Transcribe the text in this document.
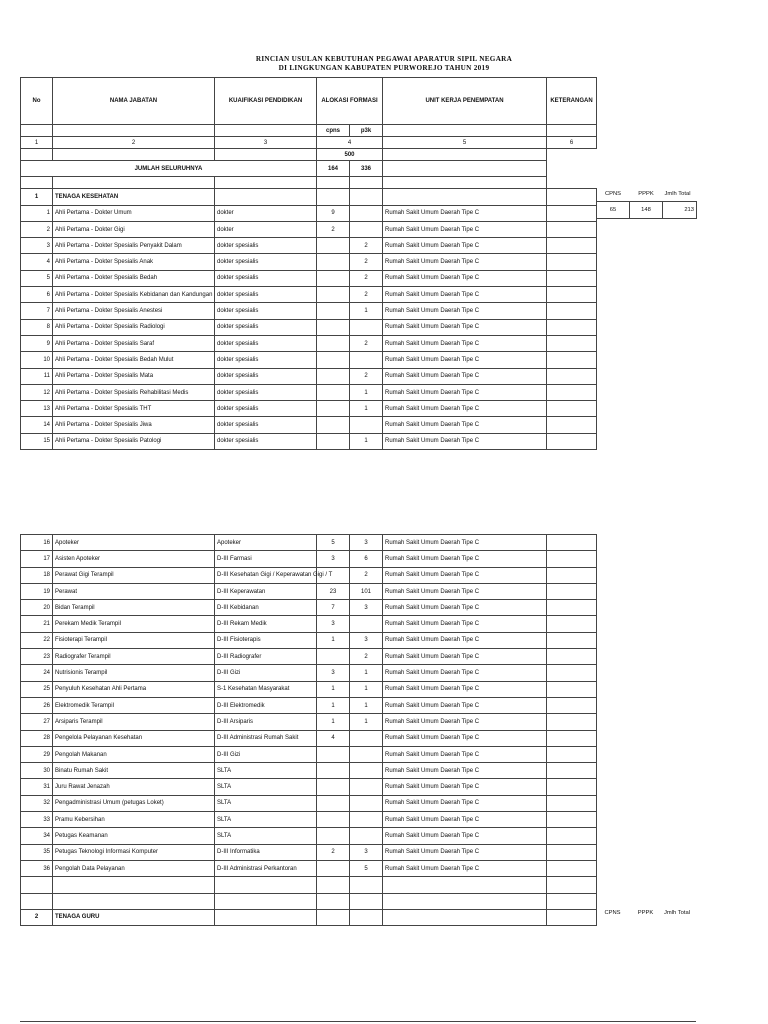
RINCIAN USULAN KEBUTUHAN PEGAWAI APARATUR SIPIL NEGARA
DI LINGKUNGAN KABUPATEN PURWOREJO TAHUN 2019
No	NAMA JABATAN	KUAIFIKASI PENDIDIKAN	ALOKASI FORMASI		UNIT KERJA PENEMPATAN	KETERANGAN
			cpns	p3k		
1	2	3	4		5	6
			500			
JUMLAH SELURUHNYA			164	336		

1	TENAGA KESEHATAN					
1	Ahli Pertama - Dokter Umum	dokter	9		Rumah Sakit Umum Daerah Tipe C	
2	Ahli Pertama - Dokter Gigi	dokter	2		Rumah Sakit Umum Daerah Tipe C	
3	Ahli Pertama - Dokter Spesialis Penyakit Dalam	dokter spesialis		2	Rumah Sakit Umum Daerah Tipe C	
4	Ahli Pertama - Dokter Spesialis Anak	dokter spesialis		2	Rumah Sakit Umum Daerah Tipe C	
5	Ahli Pertama - Dokter Spesialis Bedah	dokter spesialis		2	Rumah Sakit Umum Daerah Tipe C	
6	Ahli Pertama - Dokter Spesialis Kebidanan dan Kandungan	dokter spesialis		2	Rumah Sakit Umum Daerah Tipe C	
7	Ahli Pertama - Dokter Spesialis Anestesi	dokter spesialis		1	Rumah Sakit Umum Daerah Tipe C	
8	Ahli Pertama - Dokter Spesialis Radiologi	dokter spesialis			Rumah Sakit Umum Daerah Tipe C	
9	Ahli Pertama - Dokter Spesialis Saraf	dokter spesialis		2	Rumah Sakit Umum Daerah Tipe C	
10	Ahli Pertama - Dokter Spesialis Bedah Mulut	dokter spesialis			Rumah Sakit Umum Daerah Tipe C	
11	Ahli Pertama - Dokter Spesialis Mata	dokter spesialis		2	Rumah Sakit Umum Daerah Tipe C	
12	Ahli Pertama - Dokter Spesialis Rehabilitasi Medis	dokter spesialis		1	Rumah Sakit Umum Daerah Tipe C	
13	Ahli Pertama - Dokter Spesialis THT	dokter spesialis		1	Rumah Sakit Umum Daerah Tipe C	
14	Ahli Pertama - Dokter Spesialis Jiwa	dokter spesialis			Rumah Sakit Umum Daerah Tipe C	
15	Ahli Pertama - Dokter Spesialis Patologi	dokter spesialis		1	Rumah Sakit Umum Daerah Tipe C	
CPNS	PPPK	Jmlh Total
65	148	213
16	Apoteker	Apoteker	5	3	Rumah Sakit Umum Daerah Tipe C	
17	Asisten Apoteker	D-III Farmasi	3	6	Rumah Sakit Umum Daerah Tipe C	
18	Perawat Gigi Terampil	D-III Kesehatan Gigi / Keperawatan Gigi / T		2	Rumah Sakit Umum Daerah Tipe C	
19	Perawat	D-III Keperawatan	23	101	Rumah Sakit Umum Daerah Tipe C	
20	Bidan Terampil	D-III Kebidanan	7	3	Rumah Sakit Umum Daerah Tipe C	
21	Perekam Medik Terampil	D-III Rekam Medik	3		Rumah Sakit Umum Daerah Tipe C	
22	Fisioterapi Terampil	D-III Fisioterapis	1	3	Rumah Sakit Umum Daerah Tipe C	
23	Radiografer Terampil	D-III Radiografer		2	Rumah Sakit Umum Daerah Tipe C	
24	Nutrisionis Terampil	D-III Gizi	3	1	Rumah Sakit Umum Daerah Tipe C	
25	Penyuluh Kesehatan Ahli Pertama	S-1 Kesehatan Masyarakat	1	1	Rumah Sakit Umum Daerah Tipe C	
26	Elektromedik Terampil	D-III Elektromedik	1	1	Rumah Sakit Umum Daerah Tipe C	
27	Arsiparis Terampil	D-III Arsiparis	1	1	Rumah Sakit Umum Daerah Tipe C	
28	Pengelola Pelayanan Kesehatan	D-III Administrasi Rumah Sakit	4		Rumah Sakit Umum Daerah Tipe C	
29	Pengolah Makanan	D-III Gizi			Rumah Sakit Umum Daerah Tipe C	
30	Binatu Rumah Sakit	SLTA			Rumah Sakit Umum Daerah Tipe C	
31	Juru Rawat Jenazah	SLTA			Rumah Sakit Umum Daerah Tipe C	
32	Pengadministrasi Umum (petugas Loket)	SLTA			Rumah Sakit Umum Daerah Tipe C	
33	Pramu Kebersihan	SLTA			Rumah Sakit Umum Daerah Tipe C	
34	Petugas Keamanan	SLTA			Rumah Sakit Umum Daerah Tipe C	
35	Petugas Teknologi Informasi Komputer	D-III Informatika	2	3	Rumah Sakit Umum Daerah Tipe C	
36	Pengolah Data Pelayanan	D-III Administrasi Perkantoran		5	Rumah Sakit Umum Daerah Tipe C	

2	TENAGA GURU					
CPNS	PPPK	Jmlh Total
